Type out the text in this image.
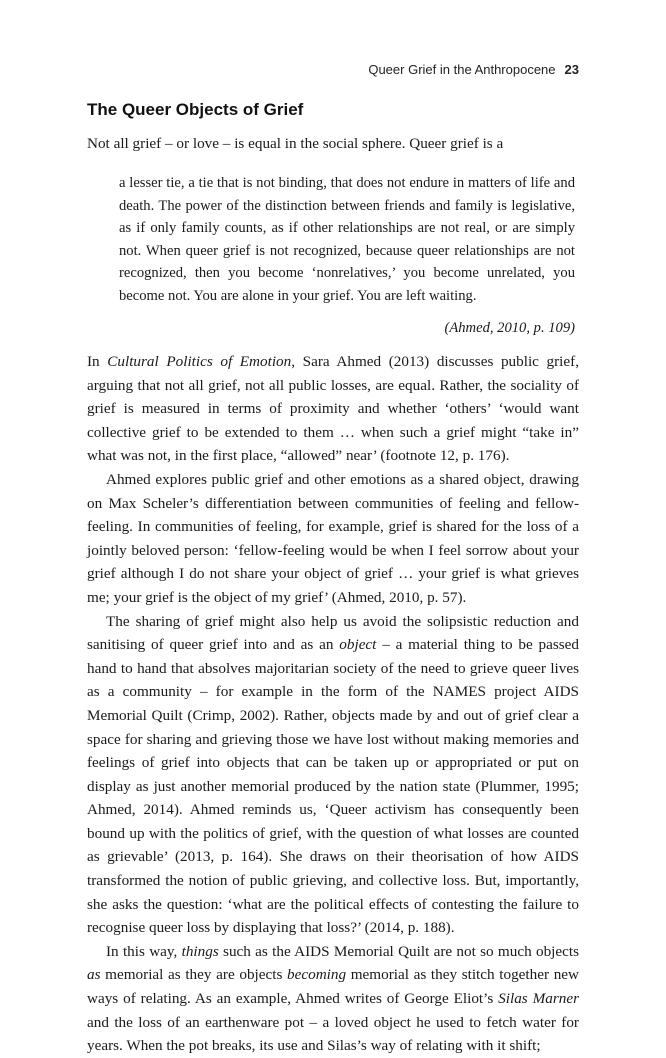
Queer Grief in the Anthropocene 23
The Queer Objects of Grief

Not all grief – or love – is equal in the social sphere. Queer grief is a

a lesser tie, a tie that is not binding, that does not endure in matters of life and death. The power of the distinction between friends and family is legislative, as if only family counts, as if other relationships are not real, or are simply not. When queer grief is not recognized, because queer relationships are not recognized, then you become ‘nonrelatives,’ you become unrelated, you become not. You are alone in your grief. You are left waiting.

(Ahmed, 2010, p. 109)

In Cultural Politics of Emotion, Sara Ahmed (2013) discusses public grief, arguing that not all grief, not all public losses, are equal. Rather, the sociality of grief is measured in terms of proximity and whether ‘others’ ‘would want collective grief to be extended to them … when such a grief might “take in” what was not, in the first place, “allowed” near’ (footnote 12, p. 176).

Ahmed explores public grief and other emotions as a shared object, drawing on Max Scheler’s differentiation between communities of feeling and fellow-feeling. In communities of feeling, for example, grief is shared for the loss of a jointly beloved person: ‘fellow-feeling would be when I feel sorrow about your grief although I do not share your object of grief … your grief is what grieves me; your grief is the object of my grief’ (Ahmed, 2010, p. 57).

The sharing of grief might also help us avoid the solipsistic reduction and sanitising of queer grief into and as an object – a material thing to be passed hand to hand that absolves majoritarian society of the need to grieve queer lives as a community – for example in the form of the NAMES project AIDS Memorial Quilt (Crimp, 2002). Rather, objects made by and out of grief clear a space for sharing and grieving those we have lost without making memories and feelings of grief into objects that can be taken up or appropriated or put on display as just another memorial produced by the nation state (Plummer, 1995; Ahmed, 2014). Ahmed reminds us, ‘Queer activism has consequently been bound up with the politics of grief, with the question of what losses are counted as grievable’ (2013, p. 164). She draws on their theorisation of how AIDS transformed the notion of public grieving, and collective loss. But, importantly, she asks the question: ‘what are the political effects of contesting the failure to recognise queer loss by displaying that loss?’ (2014, p. 188).

In this way, things such as the AIDS Memorial Quilt are not so much objects as memorial as they are objects becoming memorial as they stitch together new ways of relating. As an example, Ahmed writes of George Eliot’s Silas Marner and the loss of an earthenware pot – a loved object he used to fetch water for years. When the pot breaks, its use and Silas’s way of relating with it shift;
